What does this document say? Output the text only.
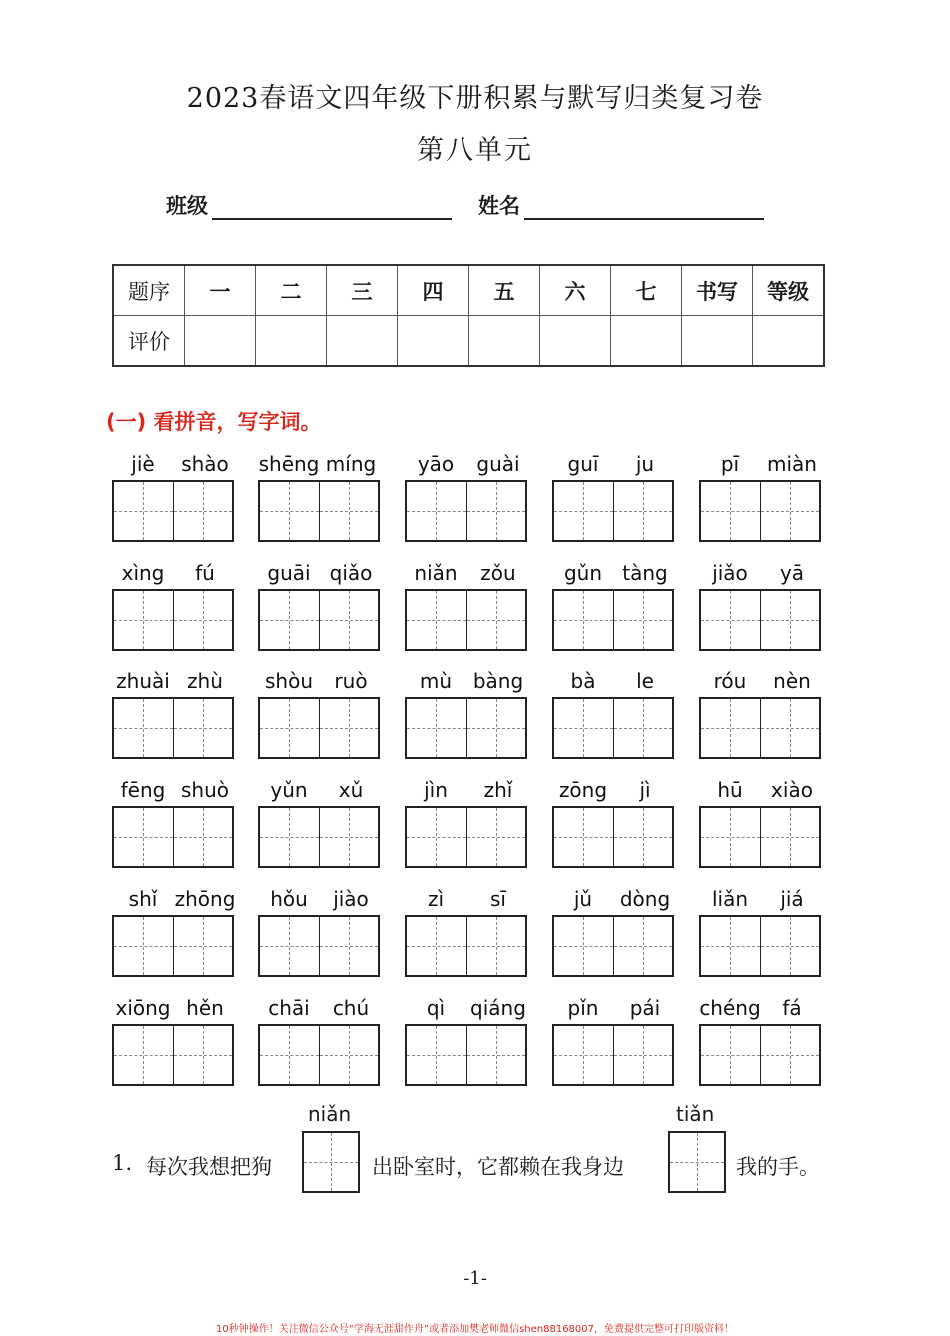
2023春语文四年级下册积累与默写归类复习卷
第八单元
班级	姓名
题序	一	二	三	四	五	六	七	书写	等级
评价									
(一) 看拼音，写字词。
jiè	shào	shēng míng	yāo	guài	guī	ju	pī	miàn
xìng	fú	guāi qiǎo	niǎn	zǒu	gǔn	tàng	jiǎo	yā
zhuài zhù	shòu	ruò	mù	bàng	bà	le	róu	nèn
fēng shuò	yǔn	xǔ	jìn	zhǐ	zōng	jì	hū	xiào
shǐ zhōng	hǒu	jiào	zì	sī	jǔ	dòng	liǎn	jiá
xiōng hěn	chāi	chú	qì	qiáng	pǐn	pái	chéng	fá
1. 每次我想把狗
niǎn
出卧室时，它都赖在我身边
tiǎn
我的手。
-1-
10秒钟操作！关注微信公众号“学海无涯甜作舟”或者添加樊老师微信shen88168007，免费提供完整可打印版资料！
